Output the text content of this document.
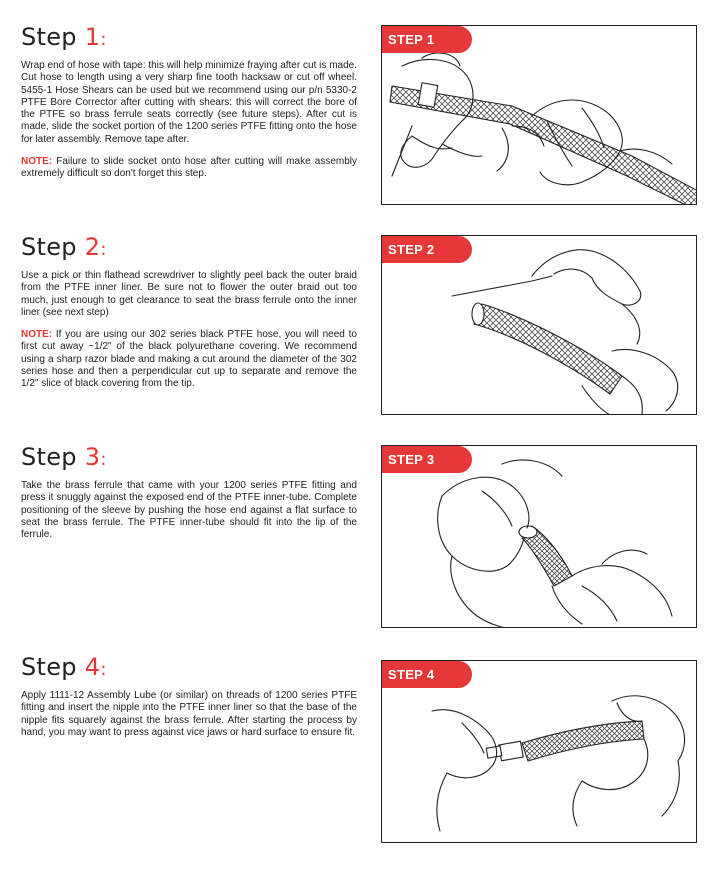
Step 1:

Wrap end of hose with tape: this will help minimize fraying after cut is made. Cut hose to length using a very sharp fine tooth hacksaw or cut off wheel. 5455-1 Hose Shears can be used but we recommend using our p/n 5330-2 PTFE Bore Corrector after cutting with shears: this will correct the bore of the PTFE so brass ferrule seats correctly (see future steps). After cut is made, slide the socket portion of the 1200 series PTFE fitting onto the hose for later assembly. Remove tape after.

NOTE: Failure to slide socket onto hose after cutting will make assembly extremely difficult so don't forget this step.

Step 2:

Use a pick or thin flathead screwdriver to slightly peel back the outer braid from the PTFE inner liner. Be sure not to flower the outer braid out too much, just enough to get clearance to seat the brass ferrule onto the inner liner (see next step)

NOTE: If you are using our 302 series black PTFE hose, you will need to first cut away ~1/2" of the black polyurethane covering. We recommend using a sharp razor blade and making a cut around the diameter of the 302 series hose and then a perpendicular cut up to separate and remove the 1/2" slice of black covering from the tip.

Step 3:

Take the brass ferrule that came with your 1200 series PTFE fitting and press it snuggly against the exposed end of the PTFE inner-tube. Complete positioning of the sleeve by pushing the hose end against a flat surface to seat the brass ferrule. The PTFE inner-tube should fit into the lip of the ferrule.

Step 4:

Apply 1111-12 Assembly Lube (or similar) on threads of 1200 series PTFE fitting and insert the nipple into the PTFE inner liner so that the base of the nipple fits squarely against the brass ferrule. After starting the process by hand, you may want to press against vice jaws or hard surface to ensure fit.

STEP 1
STEP 2
STEP 3
STEP 4
